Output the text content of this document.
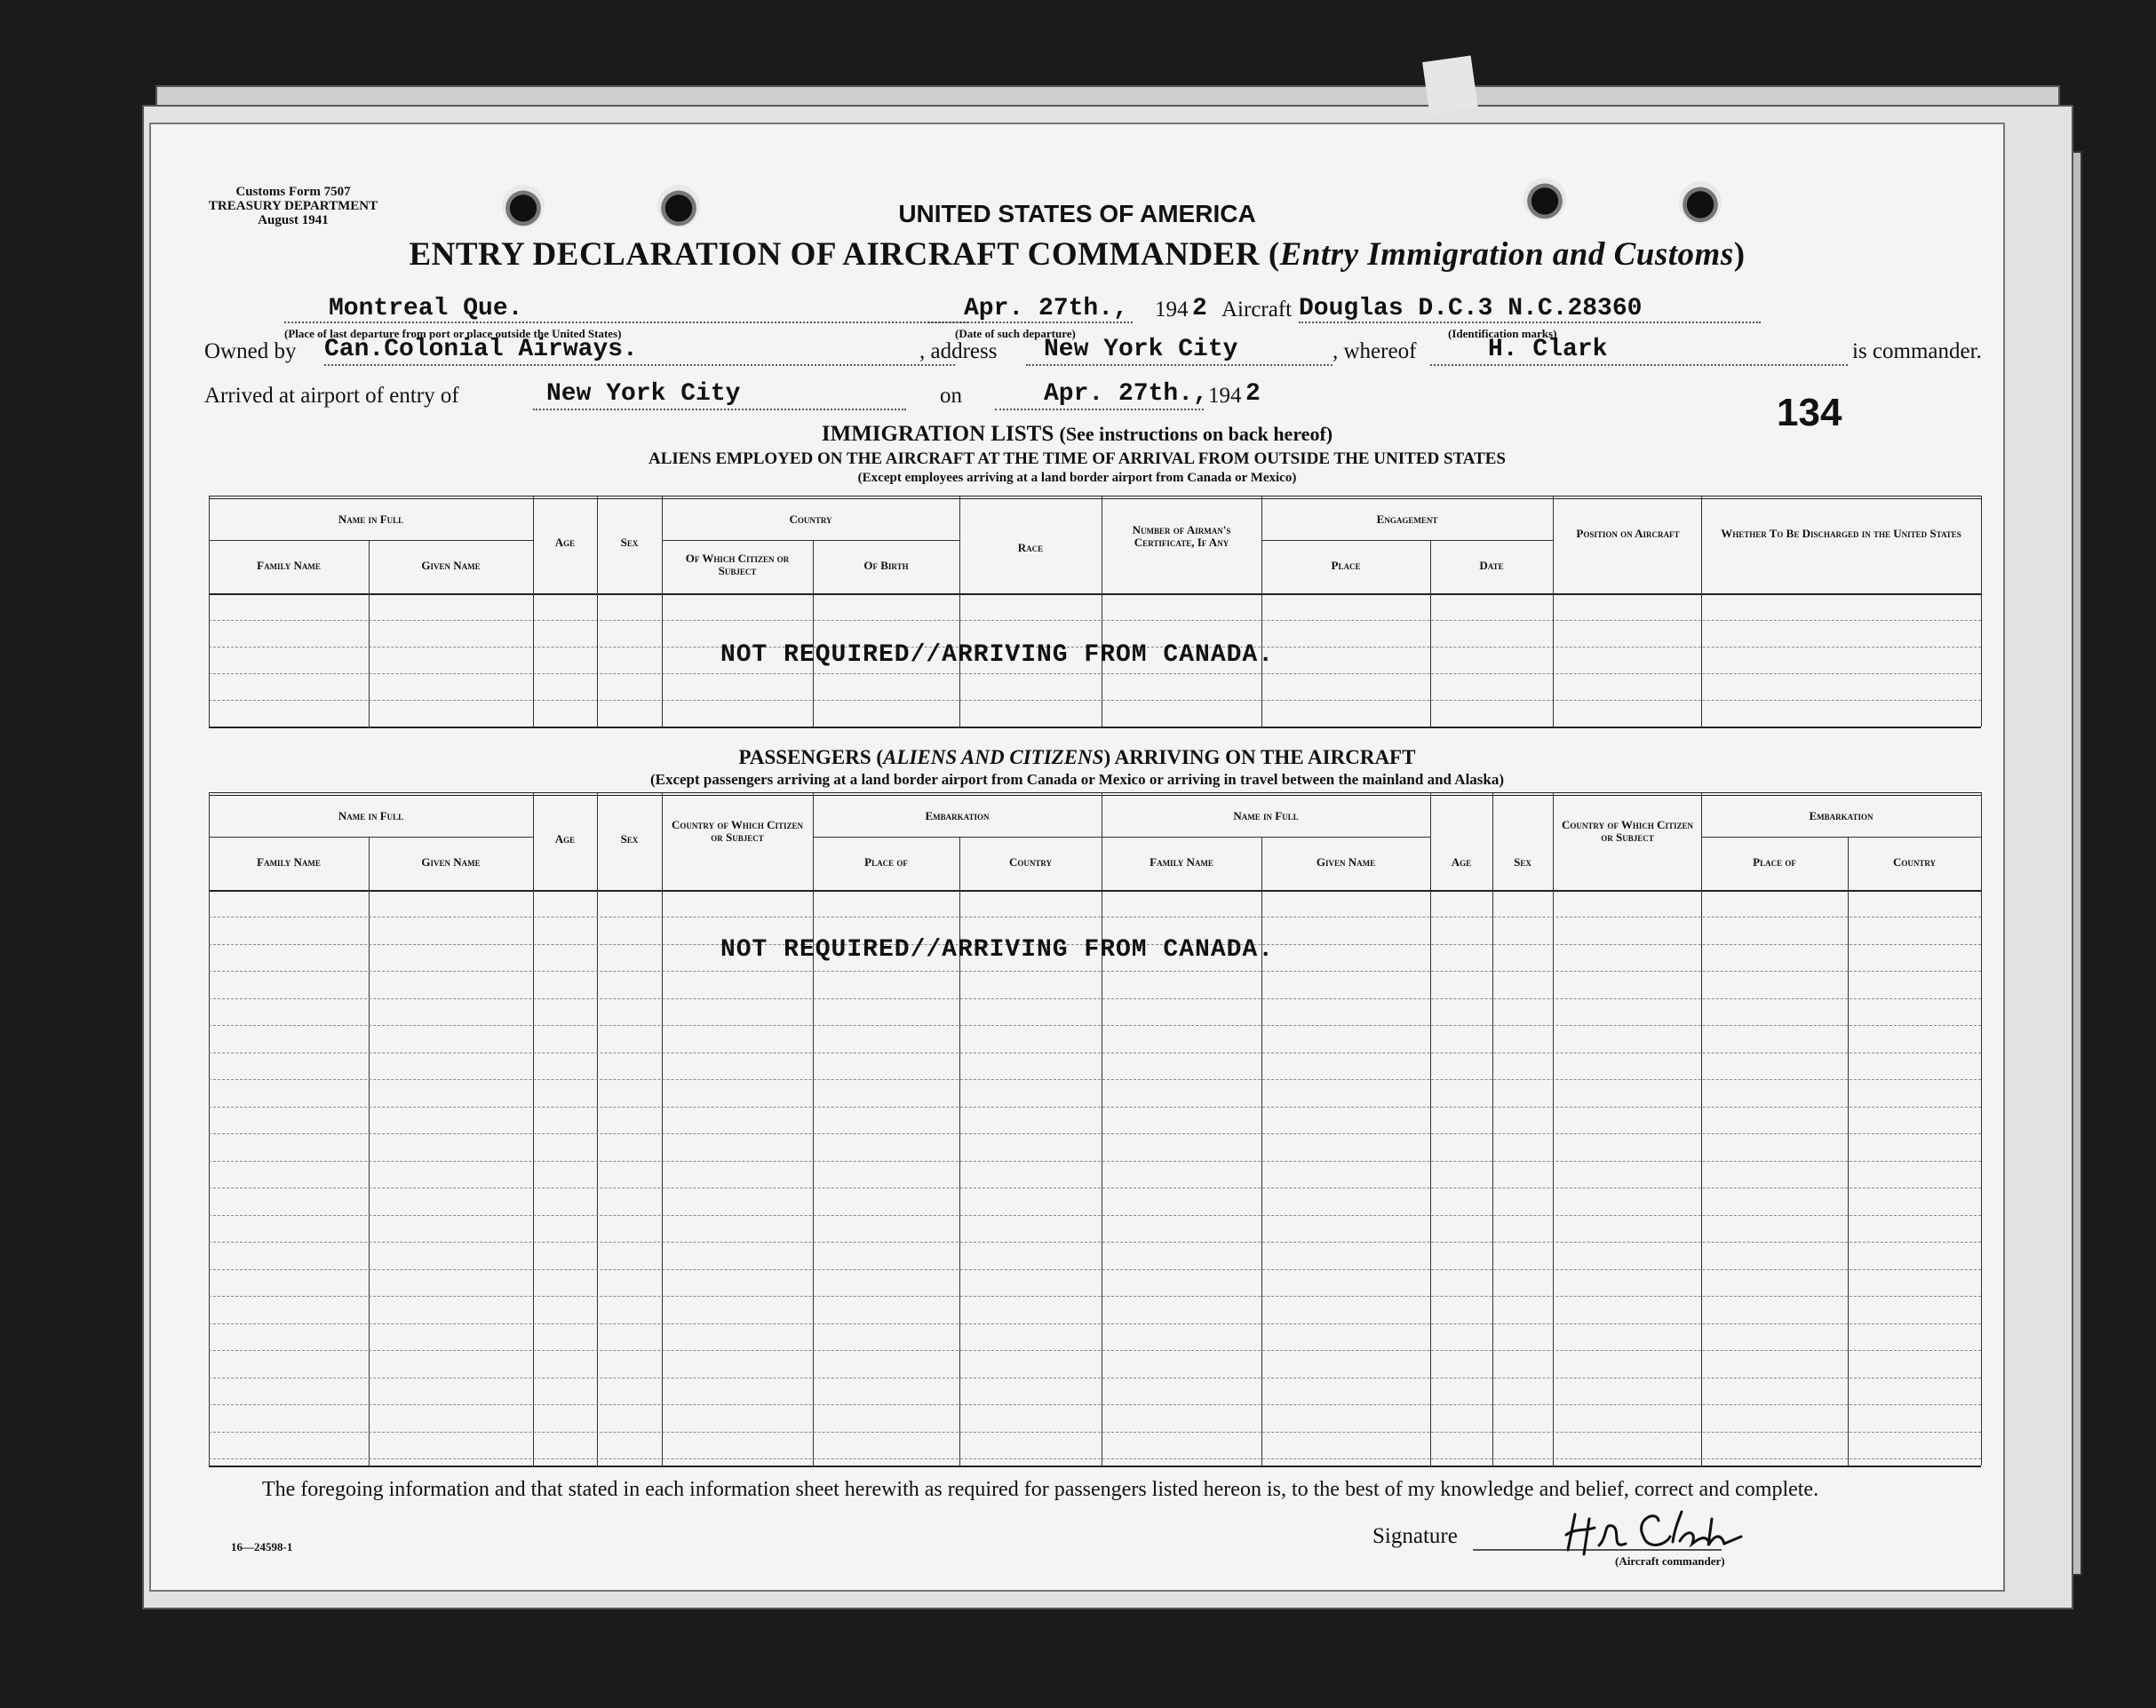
Customs Form 7507
TREASURY DEPARTMENT
August 1941	UNITED STATES OF AMERICA
ENTRY DECLARATION OF AIRCRAFT COMMANDER (Entry Immigration and Customs)
Montreal Que.
(Place of last departure from port or place outside the United States)
Apr. 27th.,
(Date of such departure)
194 2 Aircraft Douglas D.C.3 N.C.28360
(Identification marks)
Owned by Can.Colonial Airways.	, address New York City	, whereof	H. Clark	is commander.
Arrived at airport of entry of	New York City	on	Apr. 27th., 194 2	134
IMMIGRATION LISTS (See instructions on back hereof)
ALIENS EMPLOYED ON THE AIRCRAFT AT THE TIME OF ARRIVAL FROM OUTSIDE THE UNITED STATES
(Except employees arriving at a land border airport from Canada or Mexico)
Name in Full
Family Name	Given Name
Age	Sex
Country
Of Which Citizen or Subject	Of Birth
Race
Number of Airman's Certificate, If Any
Engagement
Place	Date
Position on Aircraft	Whether To Be Discharged in the United States
NOT REQUIRED//ARRIVING FROM CANADA.
PASSENGERS (ALIENS AND CITIZENS) ARRIVING ON THE AIRCRAFT
(Except passengers arriving at a land border airport from Canada or Mexico or arriving in travel between the mainland and Alaska)
Name in Full
Family Name	Given Name
Age	Sex
Country of Which Citizen or Subject
Embarkation
Place of	Country
Name in Full
Family Name	Given Name	Age	Sex
Country of Which Citizen or Subject
Embarkation
Place of	Country
NOT REQUIRED//ARRIVING FROM CANADA.
The foregoing information and that stated in each information sheet herewith as required for passengers listed hereon is, to the best of my knowledge and belief, correct and complete.
16—24598-1	Signature
(Aircraft commander)
